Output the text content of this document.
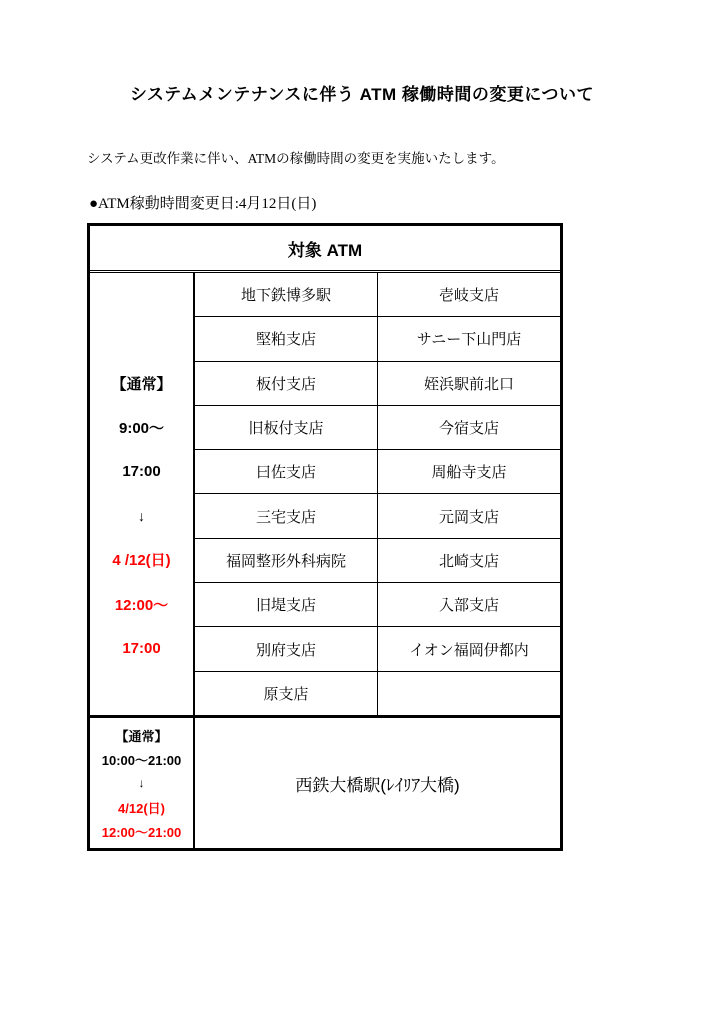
システムメンテナンスに伴う ATM 稼働時間の変更について
システム更改作業に伴い、ATMの稼働時間の変更を実施いたします。
●ATM稼動時間変更日:4月12日(日)
対象 ATM
【通常】
9:00〜
17:00
↓
4 /12(日)
12:00〜
17:00
地下鉄博多駅	壱岐支店
堅粕支店	サニー下山門店
板付支店	姪浜駅前北口
旧板付支店	今宿支店
曰佐支店	周船寺支店
三宅支店	元岡支店
福岡整形外科病院	北崎支店
旧堤支店	入部支店
別府支店	イオン福岡伊都内
原支店
【通常】
10:00〜21:00
↓
4/12(日)
12:00〜21:00
西鉄大橋駅(ﾚｲﾘｱ大橋)
